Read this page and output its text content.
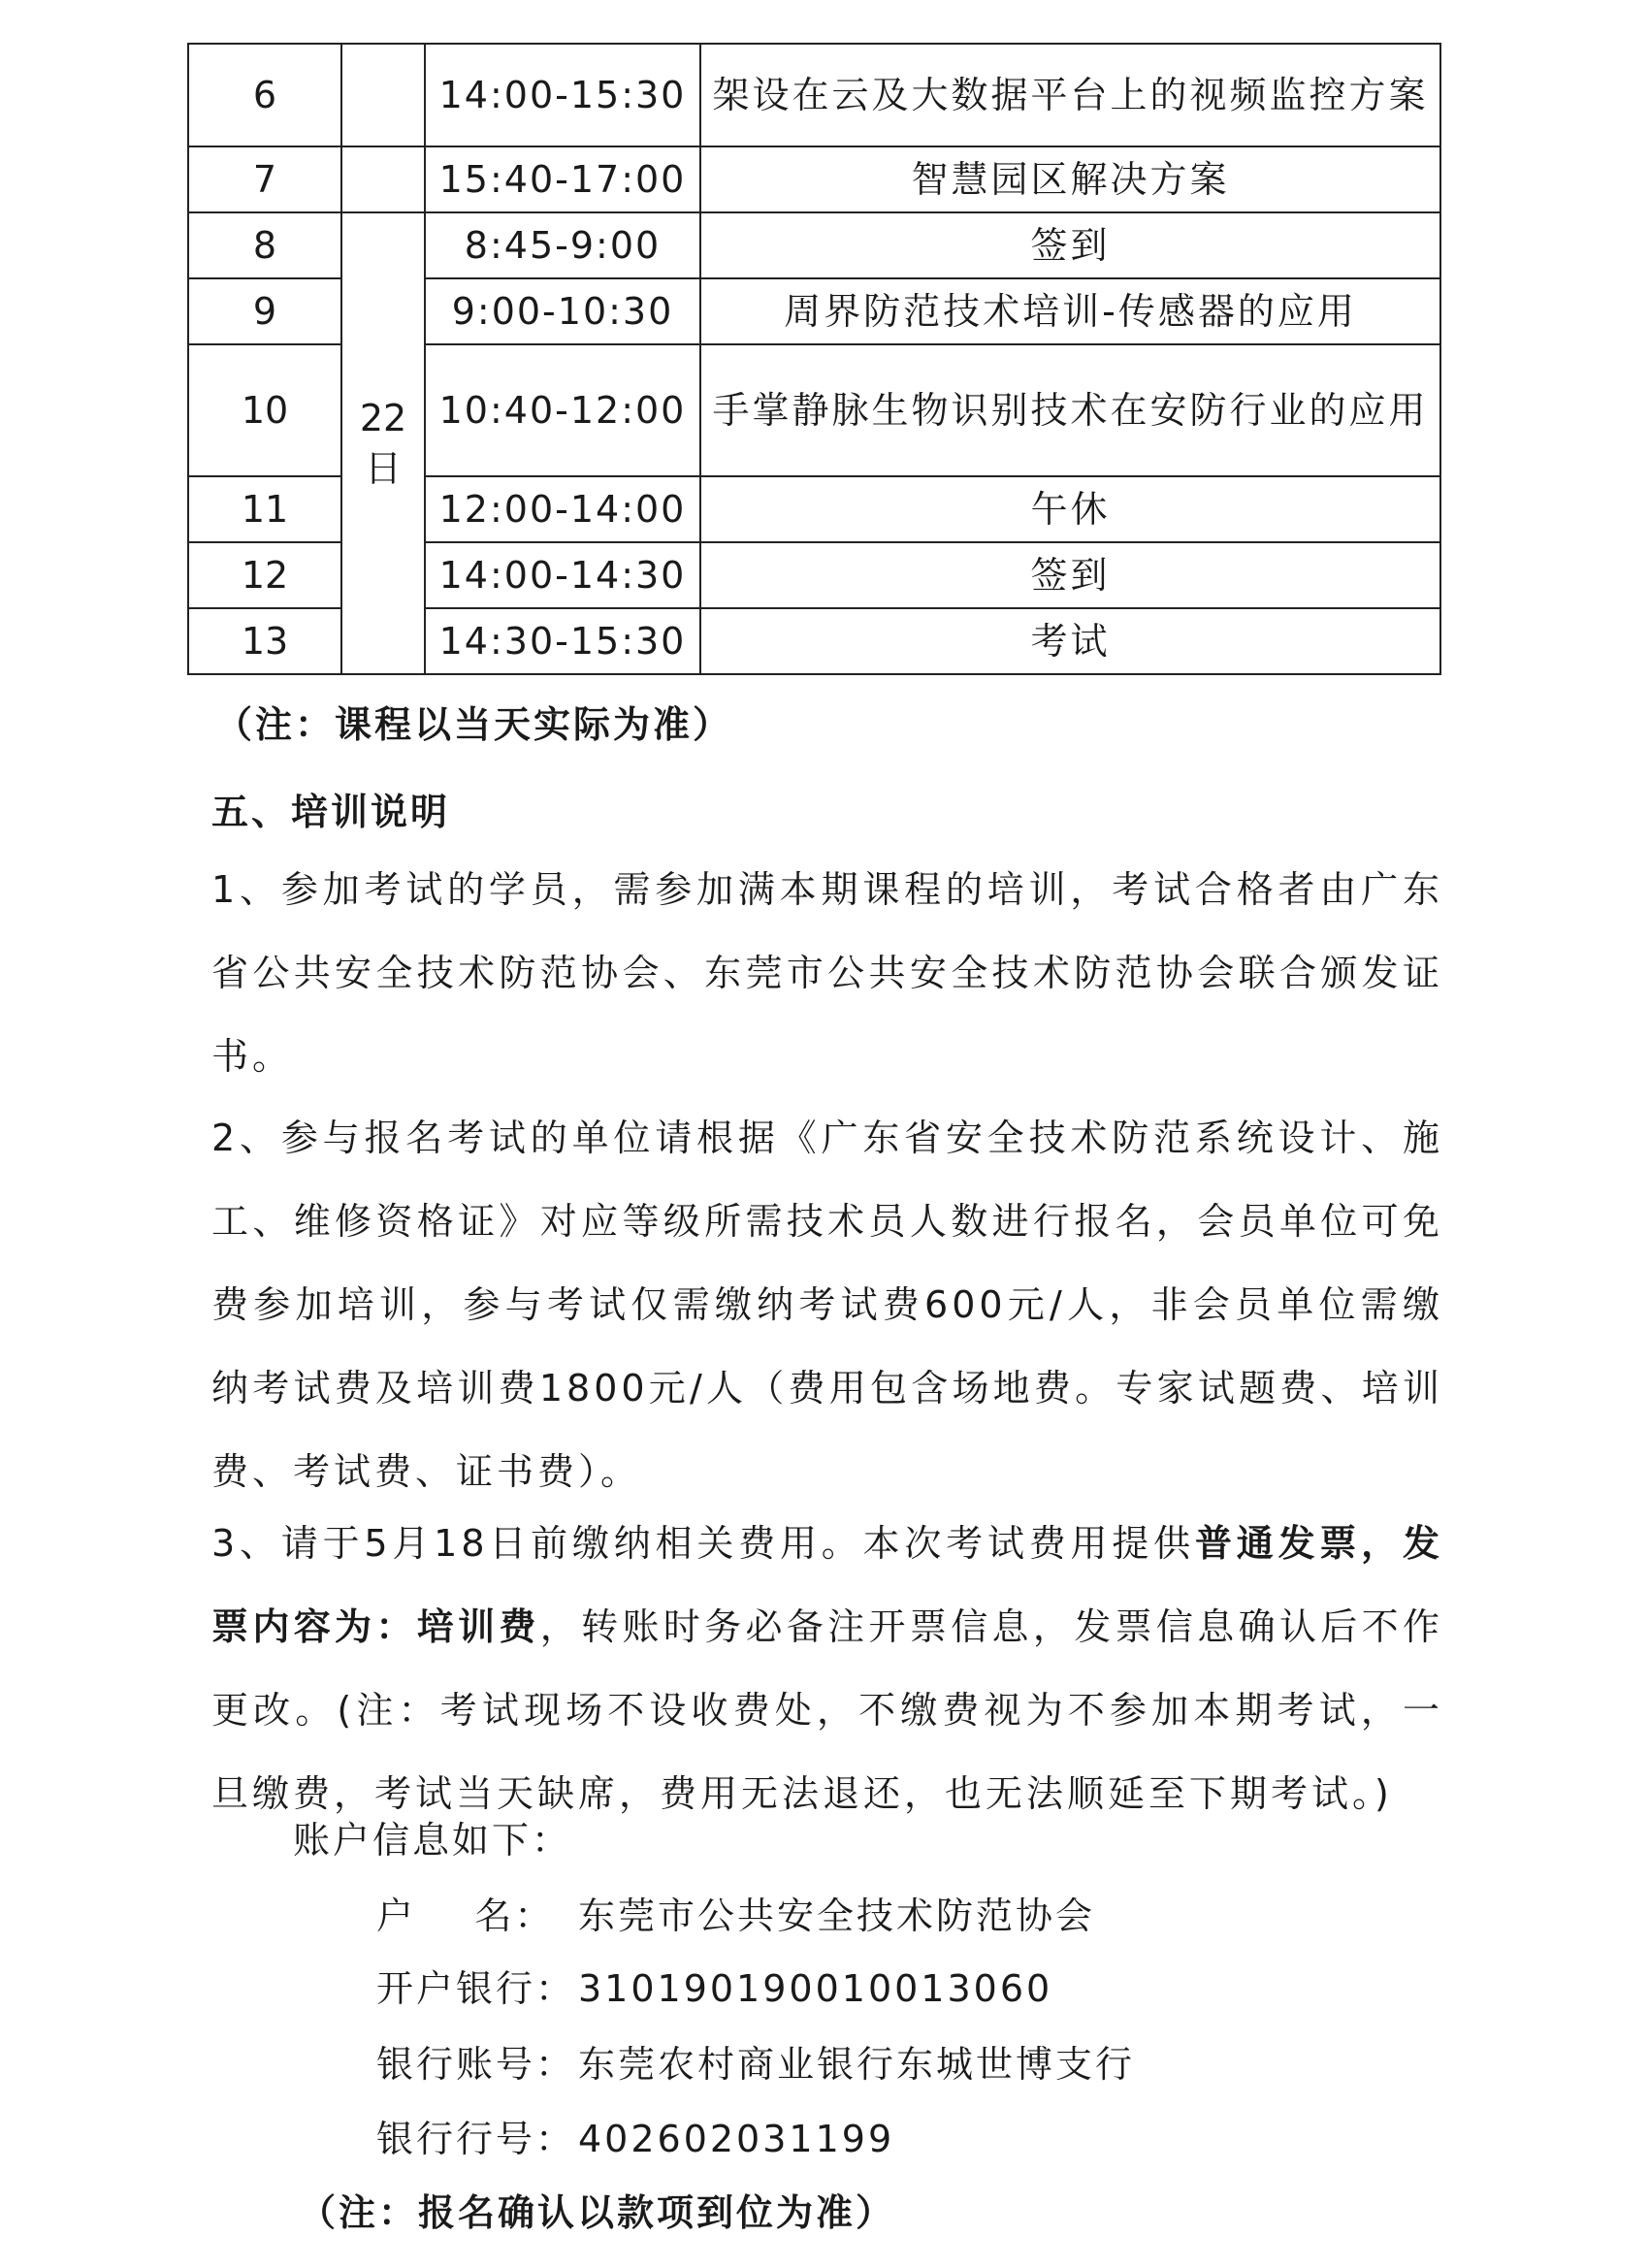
6		14:00-15:30	架设在云及大数据平台上的视频监控方案
7		15:40-17:00	智慧园区解决方案
8	22日	8:45-9:00	签到
9		9:00-10:30	周界防范技术培训-传感器的应用
10		10:40-12:00	手掌静脉生物识别技术在安防行业的应用
11		12:00-14:00	午休
12		14:00-14:30	签到
13		14:30-15:30	考试
（注：课程以当天实际为准）
五、培训说明
1、参加考试的学员，需参加满本期课程的培训，考试合格者由广东省公共安全技术防范协会、东莞市公共安全技术防范协会联合颁发证书。
2、参与报名考试的单位请根据《广东省安全技术防范系统设计、施工、维修资格证》对应等级所需技术员人数进行报名，会员单位可免费参加培训，参与考试仅需缴纳考试费600元/人，非会员单位需缴纳考试费及培训费1800元/人（费用包含场地费。专家试题费、培训费、考试费、证书费）。
3、请于5月18日前缴纳相关费用。本次考试费用提供普通发票，发票内容为：培训费，转账时务必备注开票信息，发票信息确认后不作更改。(注：考试现场不设收费处，不缴费视为不参加本期考试，一旦缴费，考试当天缺席，费用无法退还，也无法顺延至下期考试。)
账户信息如下：
户    名： 东莞市公共安全技术防范协会
开户银行：310190190010013060
银行账号：东莞农村商业银行东城世博支行
银行行号：402602031199
（注：报名确认以款项到位为准）
